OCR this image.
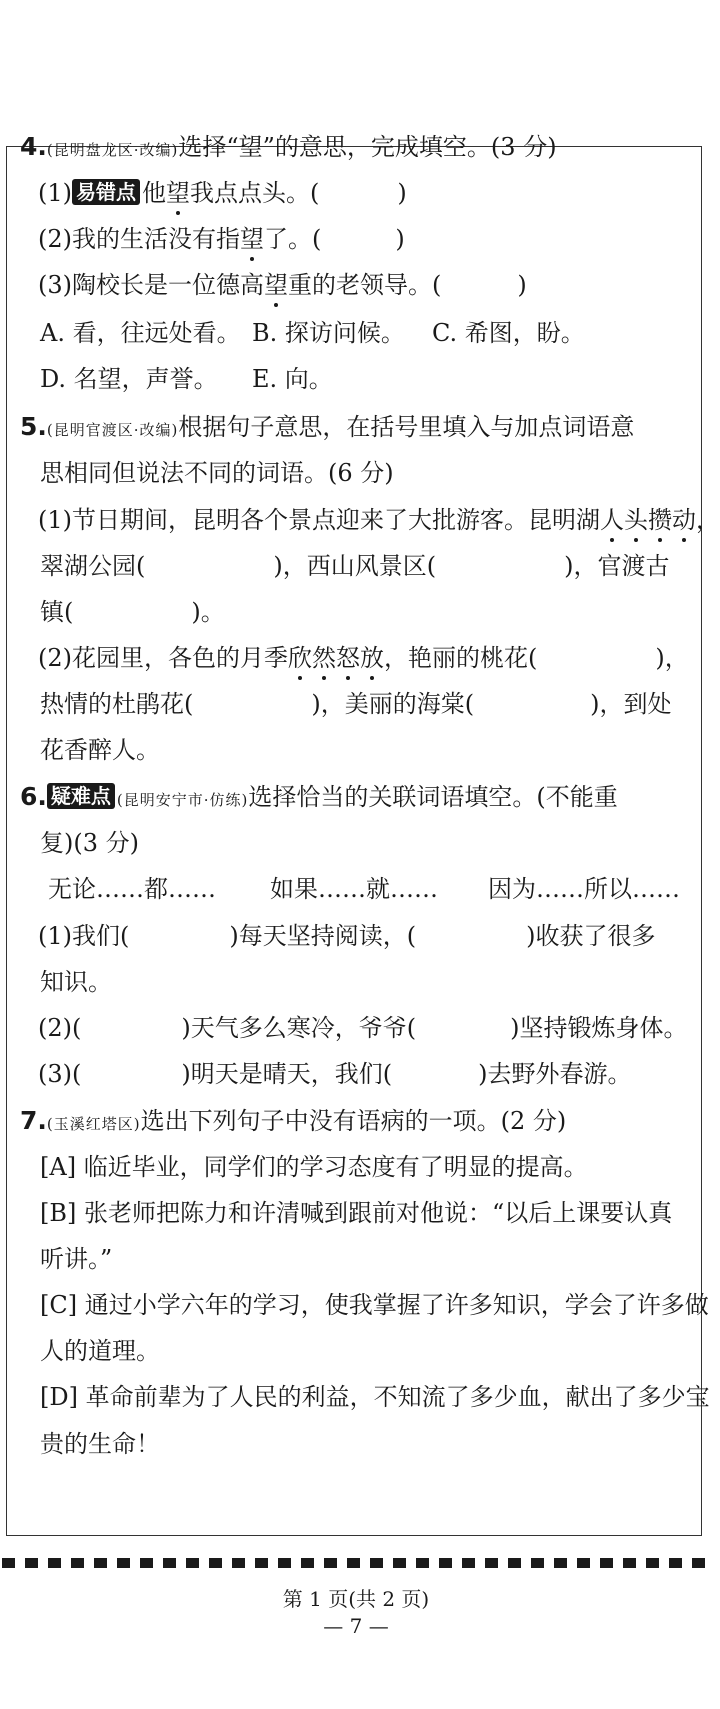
4.(昆明盘龙区·改编)选择“望”的意思，完成填空。(3 分)
(1) 易错点 他望我点点头。(	)
(2)我的生活没有指望了。(	)
(3)陶校长是一位德高望重的老领导。(	)
A. 看，往远处看。 B. 探访问候。 C. 希图，盼。
D. 名望，声誉。 E. 向。
5.(昆明官渡区·改编)根据句子意思，在括号里填入与加点词语意
思相同但说法不同的词语。(6 分)
(1)节日期间，昆明各个景点迎来了大批游客。昆明湖人头攒动，
翠湖公园(	)，西山风景区(	)，官渡古
镇(	)。
(2)花园里，各色的月季欣然怒放，艳丽的桃花(	)，
热情的杜鹃花(	)，美丽的海棠(	)，到处
花香醉人。
6. 疑难点 (昆明安宁市·仿练)选择恰当的关联词语填空。(不能重
复)(3 分)
无论……都…… 如果……就…… 因为……所以……
(1)我们(	)每天坚持阅读，(	)收获了很多
知识。
(2)(	)天气多么寒冷，爷爷(	)坚持锻炼身体。
(3)(	)明天是晴天，我们(	)去野外春游。
7.(玉溪红塔区)选出下列句子中没有语病的一项。(2 分)
[A] 临近毕业，同学们的学习态度有了明显的提高。
[B] 张老师把陈力和许清喊到跟前对他说：“以后上课要认真
听讲。”
[C] 通过小学六年的学习，使我掌握了许多知识，学会了许多做
人的道理。
[D] 革命前辈为了人民的利益，不知流了多少血，献出了多少宝
贵的生命！
第 1 页(共 2 页)
— 7 —
